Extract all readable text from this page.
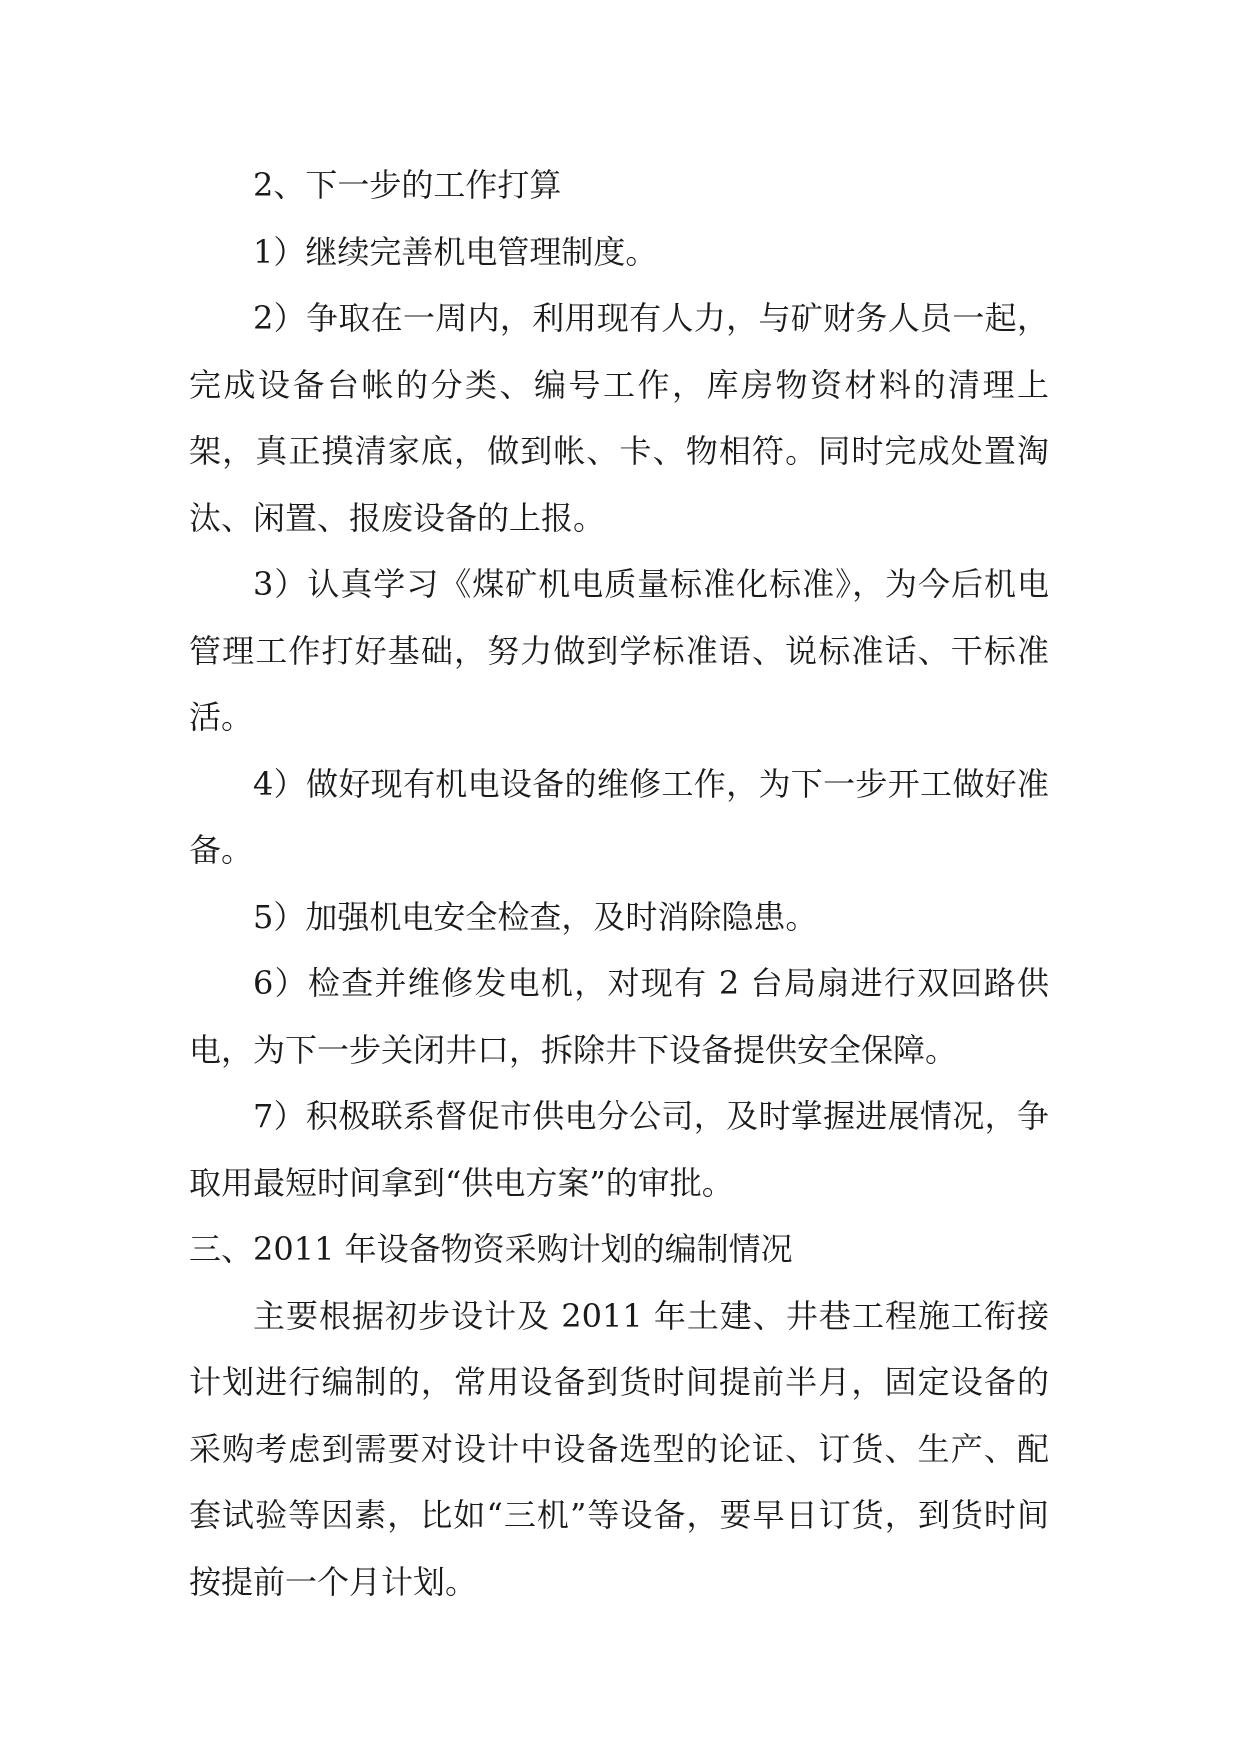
2、下一步的工作打算

1）继续完善机电管理制度。

2）争取在一周内，利用现有人力，与矿财务人员一起，完成设备台帐的分类、编号工作，库房物资材料的清理上架，真正摸清家底，做到帐、卡、物相符。同时完成处置淘汰、闲置、报废设备的上报。

3）认真学习《煤矿机电质量标准化标准》，为今后机电管理工作打好基础，努力做到学标准语、说标准话、干标准活。

4）做好现有机电设备的维修工作，为下一步开工做好准备。

5）加强机电安全检查，及时消除隐患。

6）检查并维修发电机，对现有 2 台局扇进行双回路供电，为下一步关闭井口，拆除井下设备提供安全保障。

7）积极联系督促市供电分公司，及时掌握进展情况，争取用最短时间拿到“供电方案”的审批。

三、2011 年设备物资采购计划的编制情况

主要根据初步设计及 2011 年土建、井巷工程施工衔接计划进行编制的，常用设备到货时间提前半月，固定设备的采购考虑到需要对设计中设备选型的论证、订货、生产、配套试验等因素，比如“三机”等设备，要早日订货，到货时间按提前一个月计划。
